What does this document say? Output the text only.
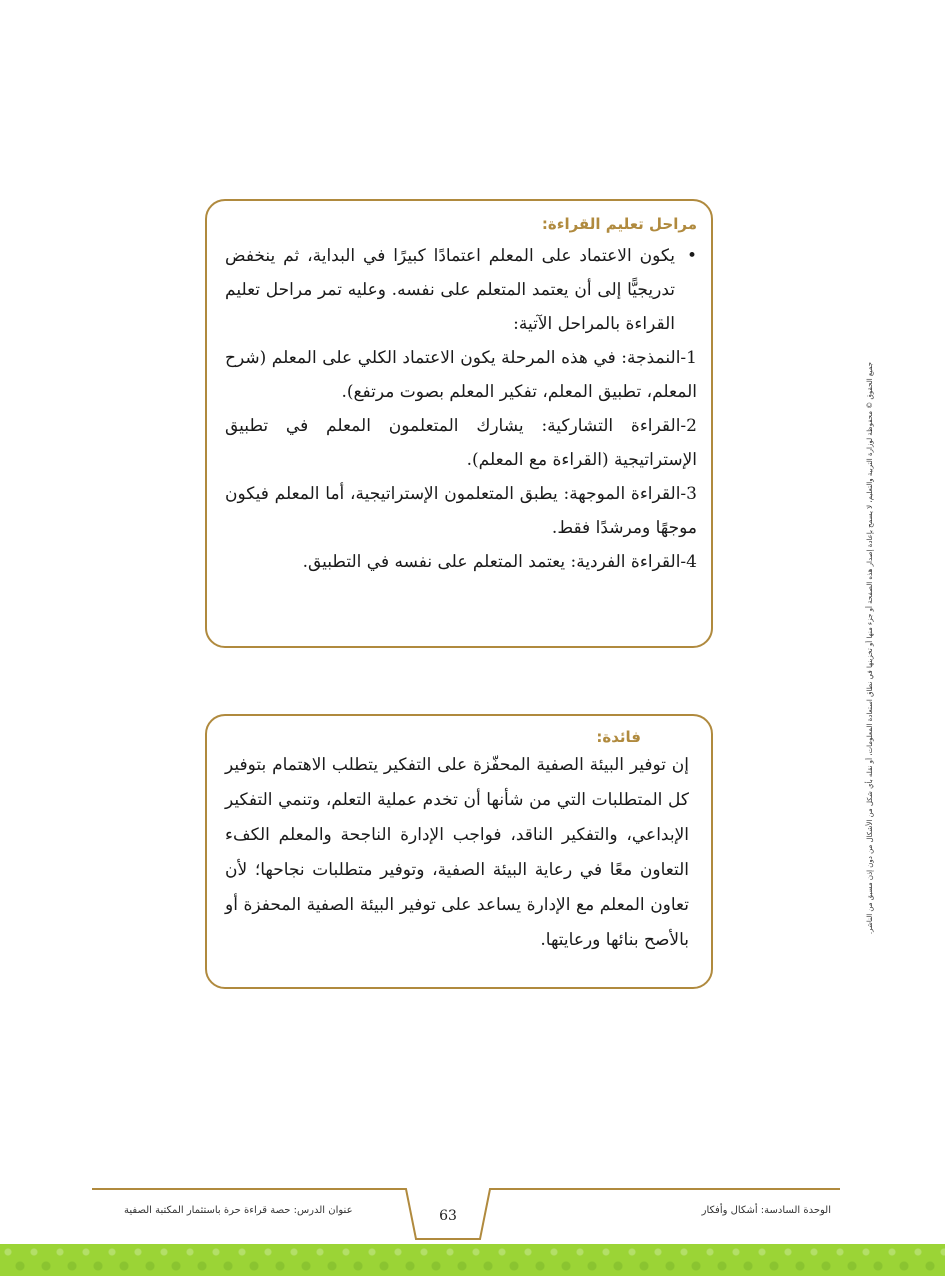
مراحل تعليم القراءة:
•
يكون الاعتماد على المعلم اعتمادًا كبيرًا في البداية، ثم ينخفض تدريجيًّا إلى أن يعتمد المتعلم على نفسه. وعليه تمر مراحل تعليم القراءة بالمراحل الآتية:

1-النمذجة: في هذه المرحلة يكون الاعتماد الكلي على المعلم (شرح المعلم، تطبيق المعلم، تفكير المعلم بصوت مرتفع).

2-القراءة التشاركية: يشارك المتعلمون المعلم في تطبيق الإستراتيجية (القراءة مع المعلم).

3-القراءة الموجهة: يطبق المتعلمون الإستراتيجية، أما المعلم فيكون موجهًا ومرشدًا فقط.

4-القراءة الفردية: يعتمد المتعلم على نفسه في التطبيق.

فائدة:

إن توفير البيئة الصفية المحفّزة على التفكير يتطلب الاهتمام بتوفير كل المتطلبات التي من شأنها أن تخدم عملية التعلم، وتنمي التفكير الإبداعي، والتفكير الناقد، فواجب الإدارة الناجحة والمعلم الكفء التعاون معًا في رعاية البيئة الصفية، وتوفير متطلبات نجاحها؛ لأن تعاون المعلم مع الإدارة يساعد على توفير البيئة الصفية المحفزة أو بالأصح بنائها ورعايتها.

جميع الحقوق © محفوظة لوزارة التربية والتعليم، لا يسمح بإعادة إصدار هذه الصفحة أو جزء منها أو تخزينها في نطاق استعادة المعلومات، أو نقله بأي شكل من الأشكال من دون إذن مسبق من الناشر.
عنوان الدرس: حصة قراءة حرة باستثمار المكتبة الصفية	63	الوحدة السادسة: أشكال وأفكار
